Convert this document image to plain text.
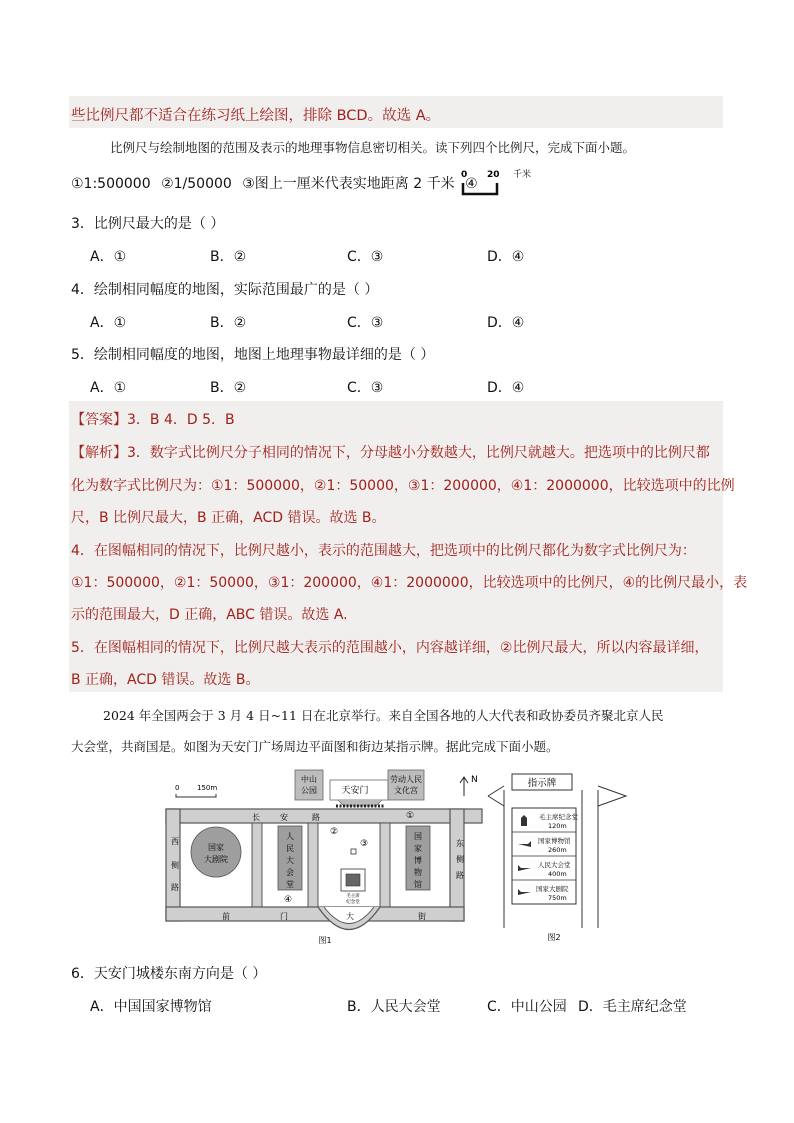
些比例尺都不适合在练习纸上绘图，排除 BCD。故选 A。
比例尺与绘制地图的范围及表示的地理事物信息密切相关。读下列四个比例尺，完成下面小题。
①1:500000 ②1/50000 ③图上一厘米代表实地距离 2 千米 ④
0 20 千米
3．比例尺最大的是（ ）
A．①	B．②	C．③	D．④
4．绘制相同幅度的地图，实际范围最广的是（ ）
A．①	B．②	C．③	D．④
5．绘制相同幅度的地图，地图上地理事物最详细的是（ ）
A．①	B．②	C．③	D．④
【答案】3．B 4．D 5．B
【解析】3．数字式比例尺分子相同的情况下，分母越小分数越大，比例尺就越大。把选项中的比例尺都
化为数字式比例尺为：①1：500000，②1：50000，③1：200000，④1：2000000，比较选项中的比例
尺，B 比例尺最大，B 正确，ACD 错误。故选 B。
4．在图幅相同的情况下，比例尺越小，表示的范围越大，把选项中的比例尺都化为数字式比例尺为：
①1：500000，②1：50000，③1：200000，④1：2000000，比较选项中的比例尺，④的比例尺最小，表
示的范围最大，D 正确，ABC 错误。故选 A.
5．在图幅相同的情况下，比例尺越大表示的范围越小，内容越详细，②比例尺最大，所以内容最详细，
B 正确，ACD 错误。故选 B。
2024 年全国两会于 3 月 4 日~11 日在北京举行。来自全国各地的人大代表和政协委员齐聚北京人民
大会堂，共商国是。如图为天安门广场周边平面图和街边某指示牌。据此完成下面小题。
0	150m
中山
公园	天安门
劳动人民
文化宫
N
长	安	路	①
西
侧
路
东
侧
路
前	门	大	街
国家
大剧院
人
民
大
会
堂
④
国
家
博
物
馆
②
③
毛主席
纪念堂
图1
指示牌
毛主席纪念堂
120m
国家博物馆
260m
人民大会堂
400m
国家大剧院
750m
图2
6．天安门城楼东南方向是（ ）
A．中国国家博物馆	B．人民大会堂	C．中山公园 D．毛主席纪念堂
